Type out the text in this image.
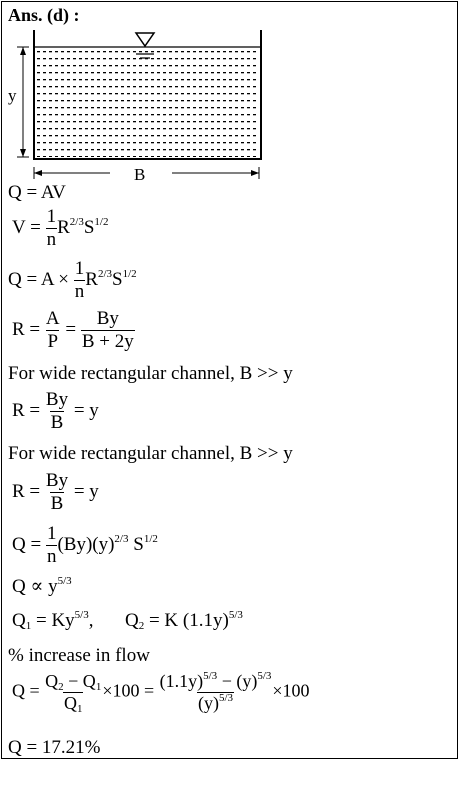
Ans. (d) :
y
B
Q = AV
$V = \frac{1}{n} R^{2/3}S^{1/2}$
$Q = A \times \frac{1}{n} R^{2/3}S^{1/2}$
$R = \frac{A}{P} = \frac{By}{B + 2y}$
For wide rectangular channel, B >> y
$R = \frac{By}{B} = y$
For wide rectangular channel, B >> y
$R = \frac{By}{B} = y$
$Q = \frac{1}{n} (By)(y)^{2/3}$ $S^{1/2}$
$Q \propto y^{5/3}$
$Q1 = Ky^{5/3}$, Q2 = K $(1.1y)^{5/3}$
% increase in flow
$Q = \frac{Q2 - Q1}{Q1} \times 100 = \frac{(1.1y)^{5/3} - (y)^{5/3}}{(y)^{5/3}} \times 100$
Q = 17.21%
